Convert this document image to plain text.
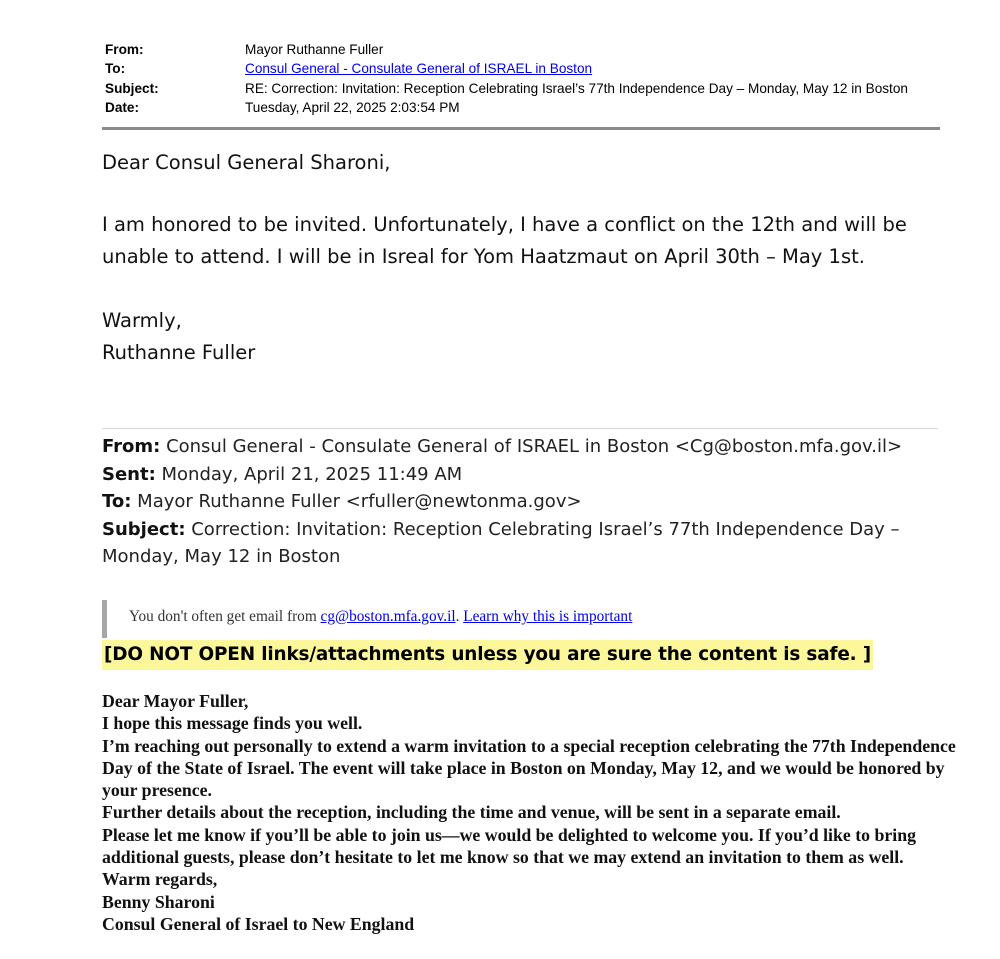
From:	Mayor Ruthanne Fuller
To:	Consul General - Consulate General of ISRAEL in Boston
Subject:	RE: Correction: Invitation: Reception Celebrating Israel’s 77th Independence Day – Monday, May 12 in Boston
Date:	Tuesday, April 22, 2025 2:03:54 PM
Dear Consul General Sharoni,
I am honored to be invited. Unfortunately, I have a conflict on the 12th and will be unable to attend. I will be in Isreal for Yom Haatzmaut on April 30th – May 1st.
Warmly,
Ruthanne Fuller
From: Consul General - Consulate General of ISRAEL in Boston <Cg@boston.mfa.gov.il>
Sent: Monday, April 21, 2025 11:49 AM
To: Mayor Ruthanne Fuller <rfuller@newtonma.gov>
Subject: Correction: Invitation: Reception Celebrating Israel’s 77th Independence Day – Monday, May 12 in Boston
You don't often get email from cg@boston.mfa.gov.il. Learn why this is important
[DO NOT OPEN links/attachments unless you are sure the content is safe. ]
Dear Mayor Fuller,
I hope this message finds you well.
I’m reaching out personally to extend a warm invitation to a special reception celebrating the 77th Independence Day of the State of Israel. The event will take place in Boston on Monday, May 12, and we would be honored by your presence.
Further details about the reception, including the time and venue, will be sent in a separate email.
Please let me know if you’ll be able to join us—we would be delighted to welcome you. If you’d like to bring additional guests, please don’t hesitate to let me know so that we may extend an invitation to them as well.
Warm regards,
Benny Sharoni
Consul General of Israel to New England
